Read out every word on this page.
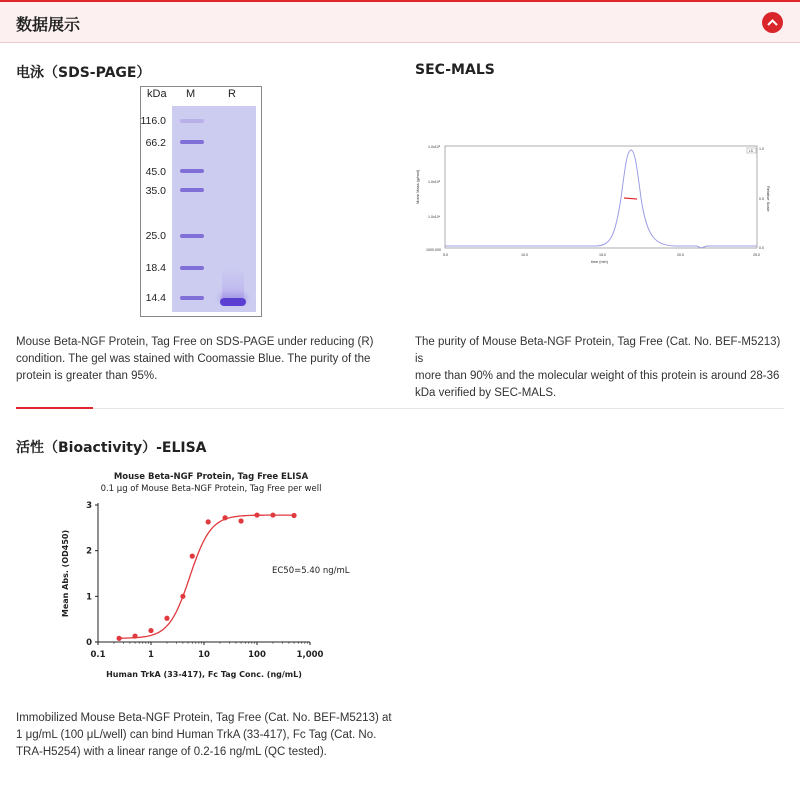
数据展示
电泳（SDS-PAGE）
kDa M	R
116.0
66.2
45.0
35.0
25.0
18.4
14.4
Mouse Beta-NGF Protein, Tag Free on SDS-PAGE under reducing (R)
condition. The gel was stained with Coomassie Blue. The purity of the
protein is greater than 95%.
SEC-MALS
Molar Mass (g/mol)	Relative Scale
1.0x10⁶
1.0x10⁵
1.0x10⁴
1000.000
1.0
0.5
0.0
5.0	10.0	15.0	20.0	25.0
time (min)
LS
The purity of Mouse Beta-NGF Protein, Tag Free (Cat. No. BEF-M5213) is
more than 90% and the molecular weight of this protein is around 28-36
kDa verified by SEC-MALS.
活性（Bioactivity）-ELISA
Mouse Beta-NGF Protein, Tag Free ELISA
0.1 μg of Mouse Beta-NGF Protein, Tag Free per well
0.1	1	10	100	1,000
0
1
2
3
EC50=5.40 ng/mL
Mean Abs. (OD450)
Human TrkA (33-417), Fc Tag Conc. (ng/mL)
Immobilized Mouse Beta-NGF Protein, Tag Free (Cat. No. BEF-M5213) at
1 μg/mL (100 μL/well) can bind Human TrkA (33-417), Fc Tag (Cat. No.
TRA-H5254) with a linear range of 0.2-16 ng/mL (QC tested).
